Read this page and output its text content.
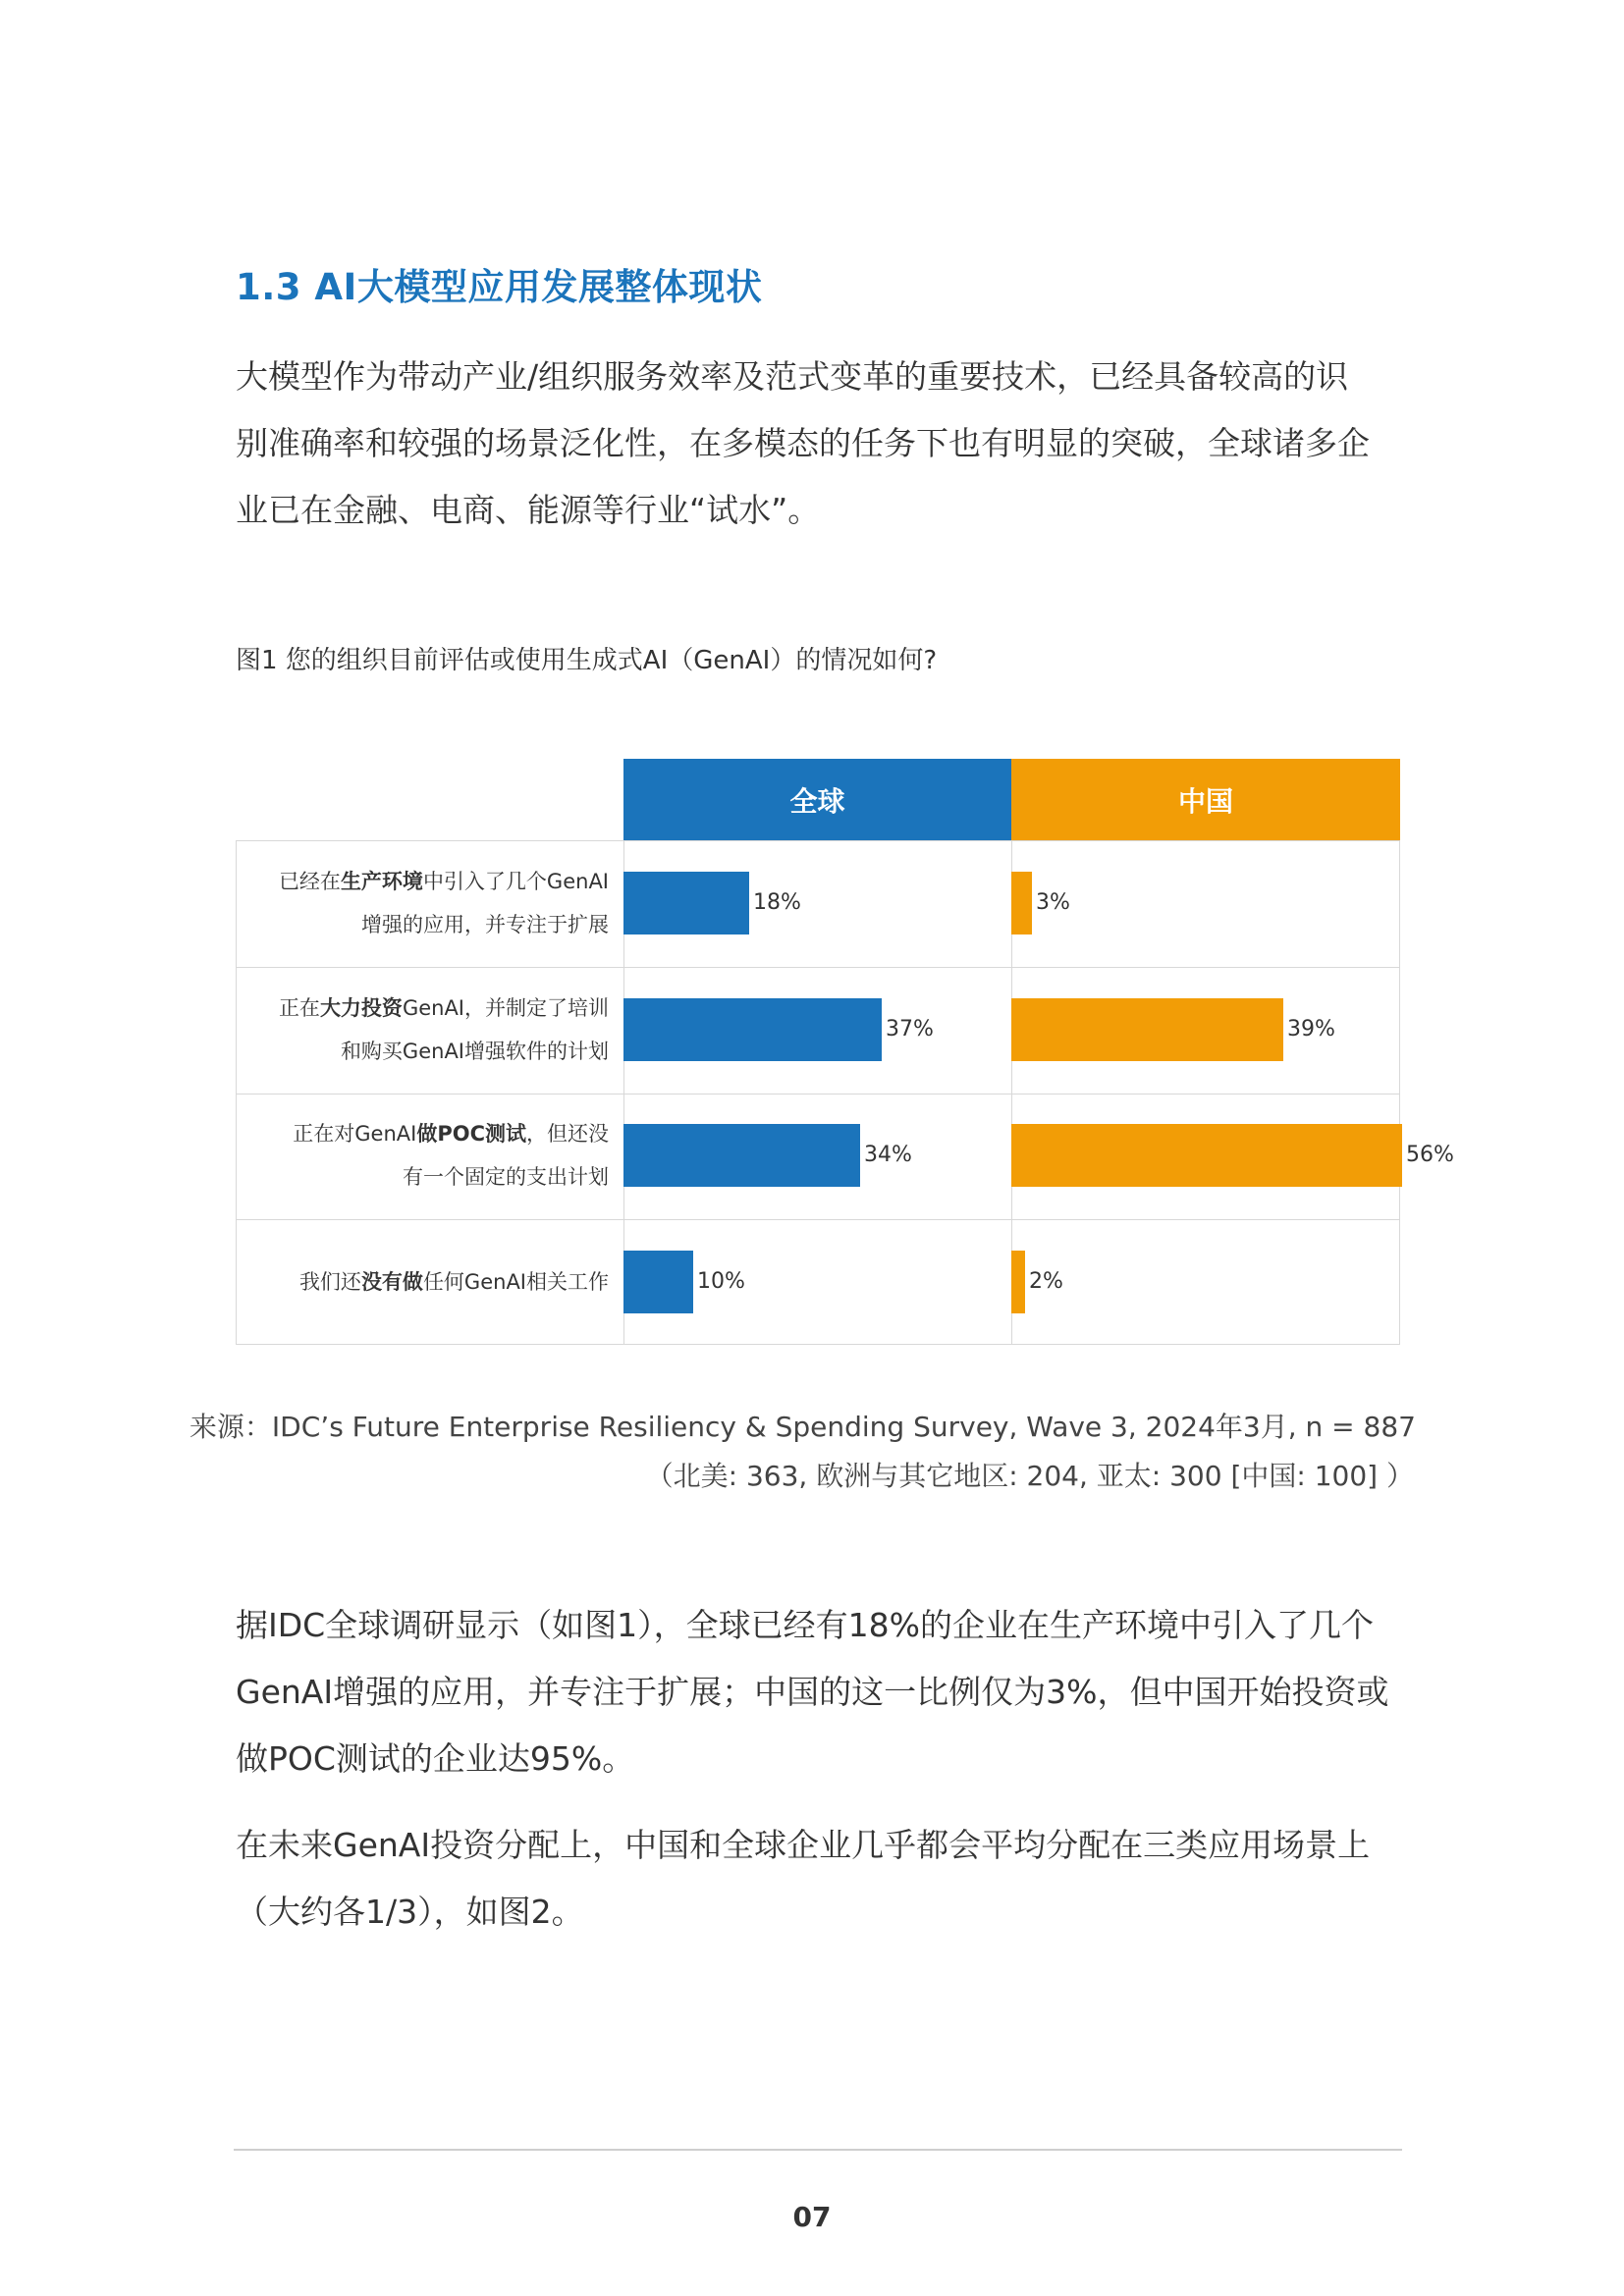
1.3 AI大模型应用发展整体现状

大模型作为带动产业/组织服务效率及范式变革的重要技术，已经具备较高的识
别准确率和较强的场景泛化性，在多模态的任务下也有明显的突破，全球诸多企
业已在金融、电商、能源等行业“试水”。

图1 您的组织目前评估或使用生成式AI（GenAI）的情况如何?

全球	中国
已经在生产环境中引入了几个GenAI
增强的应用，并专注于扩展
18%	3%
正在大力投资GenAI，并制定了培训
和购买GenAI增强软件的计划
37%	39%
正在对GenAI做POC测试，但还没
有一个固定的支出计划
34%	56%
我们还没有做任何GenAI相关工作	10%	2%

来源：IDC’s Future Enterprise Resiliency & Spending Survey, Wave 3, 2024年3月, n = 887

（北美: 363, 欧洲与其它地区: 204, 亚太: 300 [中国: 100] ）

据IDC全球调研显示（如图1），全球已经有18%的企业在生产环境中引入了几个
GenAI增强的应用，并专注于扩展；中国的这一比例仅为3%，但中国开始投资或
做POC测试的企业达95%。

在未来GenAI投资分配上，中国和全球企业几乎都会平均分配在三类应用场景上
（大约各1/3），如图2。

07
